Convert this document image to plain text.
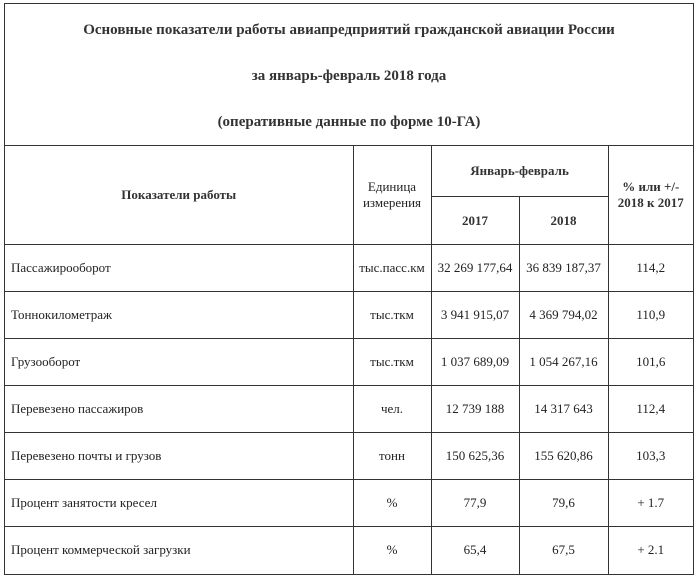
Основные показатели работы авиапредприятий гражданской авиации России
за январь-февраль 2018 года
(оперативные данные по форме 10-ГА)
Показатели работы	Единица измерения	Январь-февраль		% или +/- 2018 к 2017
		2017	2018	
Пассажирооборот	тыс.пасс.км	32 269 177,64	36 839 187,37	114,2
Тоннокилометраж	тыс.ткм	3 941 915,07	4 369 794,02	110,9
Грузооборот	тыс.ткм	1 037 689,09	1 054 267,16	101,6
Перевезено пассажиров	чел.	12 739 188	14 317 643	112,4
Перевезено почты и грузов	тонн	150 625,36	155 620,86	103,3
Процент занятости кресел	%	77,9	79,6	+ 1.7
Процент коммерческой загрузки	%	65,4	67,5	+ 2.1
